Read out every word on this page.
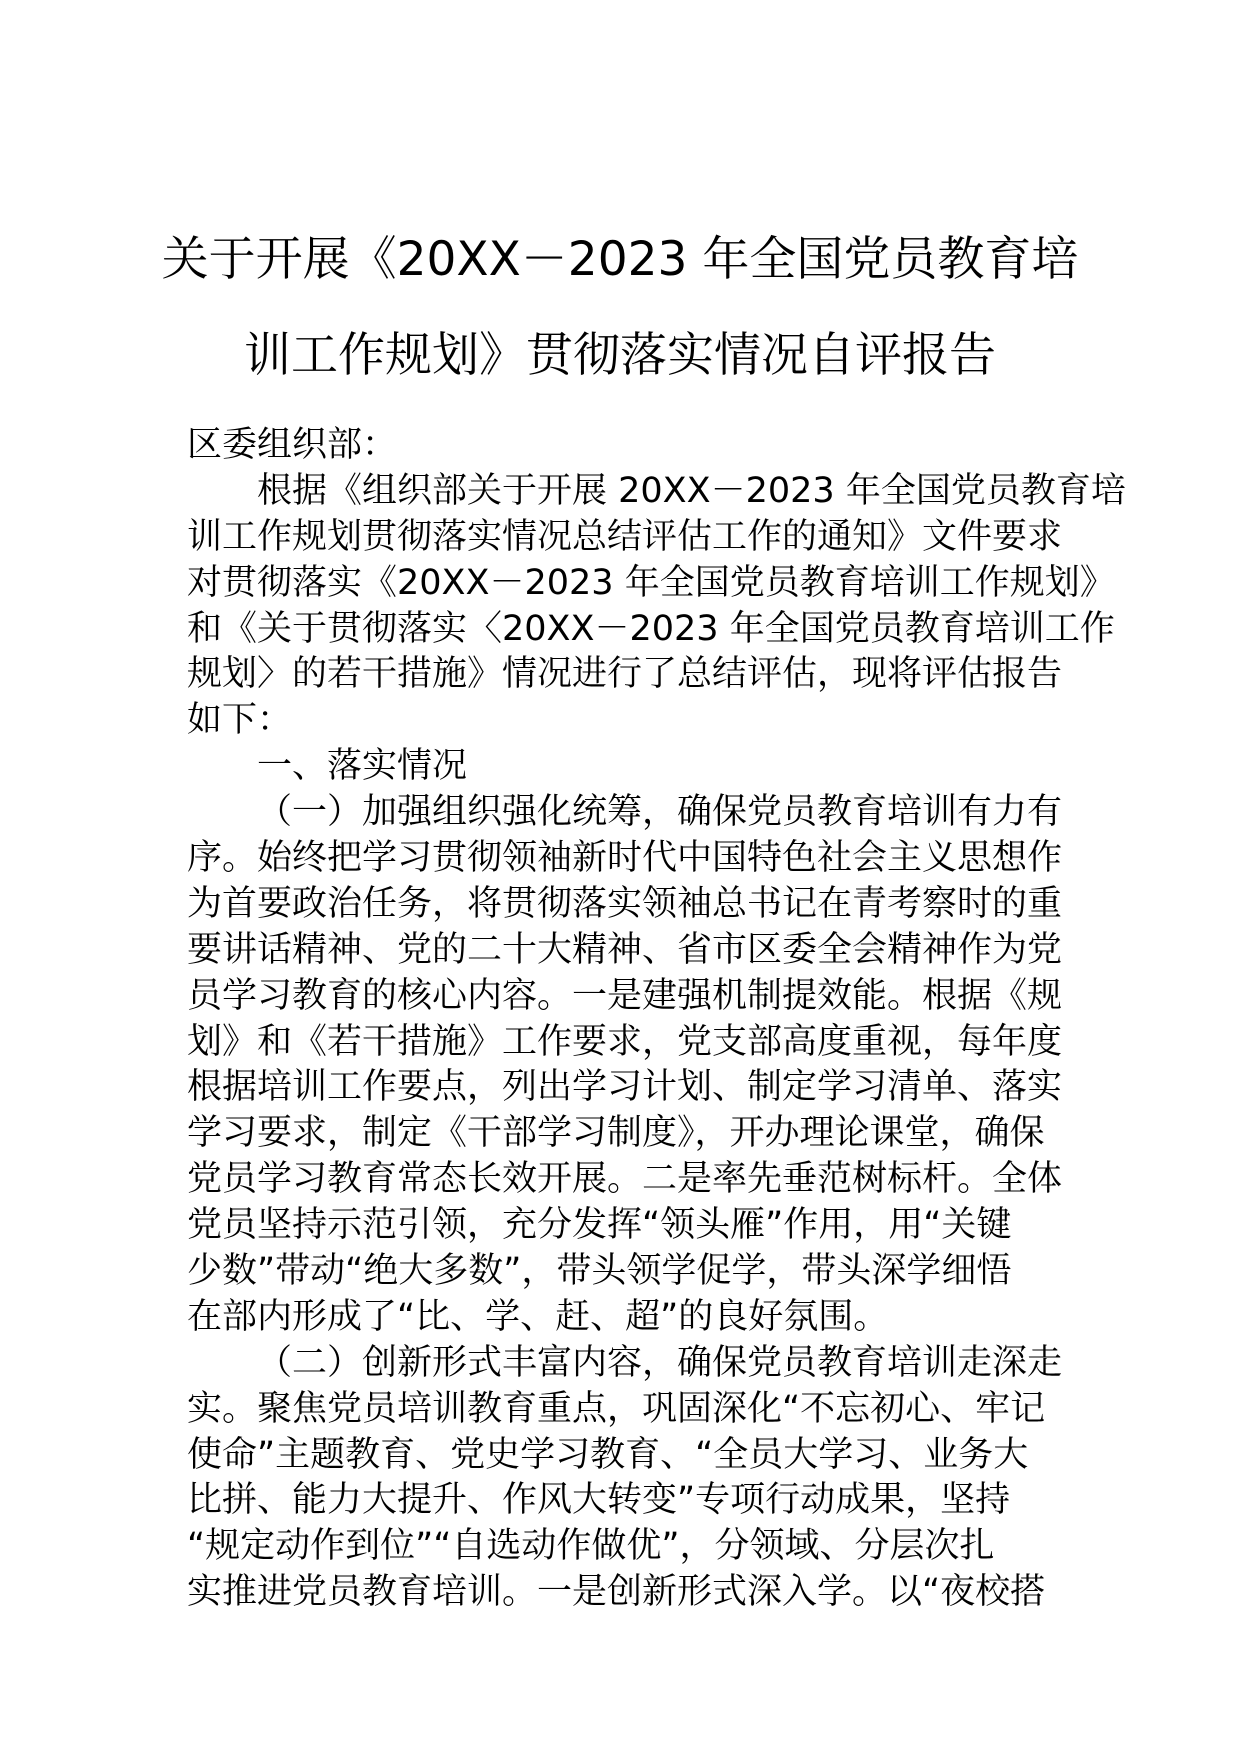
关于开展《20XX－2023 年全国党员教育培
训工作规划》贯彻落实情况自评报告
区委组织部：
根据《组织部关于开展 20XX－2023 年全国党员教育培
训工作规划贯彻落实情况总结评估工作的通知》文件要求
对贯彻落实《20XX－2023 年全国党员教育培训工作规划》
和《关于贯彻落实〈20XX－2023 年全国党员教育培训工作
规划〉的若干措施》情况进行了总结评估，现将评估报告
如下：
一、落实情况
（一）加强组织强化统筹，确保党员教育培训有力有
序。始终把学习贯彻领袖新时代中国特色社会主义思想作
为首要政治任务，将贯彻落实领袖总书记在青考察时的重
要讲话精神、党的二十大精神、省市区委全会精神作为党
员学习教育的核心内容。一是建强机制提效能。根据《规
划》和《若干措施》工作要求，党支部高度重视，每年度
根据培训工作要点，列出学习计划、制定学习清单、落实
学习要求，制定《干部学习制度》，开办理论课堂，确保
党员学习教育常态长效开展。二是率先垂范树标杆。全体
党员坚持示范引领，充分发挥“领头雁”作用，用“关键
少数”带动“绝大多数”，带头领学促学，带头深学细悟
在部内形成了“比、学、赶、超”的良好氛围。
（二）创新形式丰富内容，确保党员教育培训走深走
实。聚焦党员培训教育重点，巩固深化“不忘初心、牢记
使命”主题教育、党史学习教育、“全员大学习、业务大
比拼、能力大提升、作风大转变”专项行动成果，坚持
“规定动作到位”“自选动作做优”，分领域、分层次扎
实推进党员教育培训。一是创新形式深入学。以“夜校搭
